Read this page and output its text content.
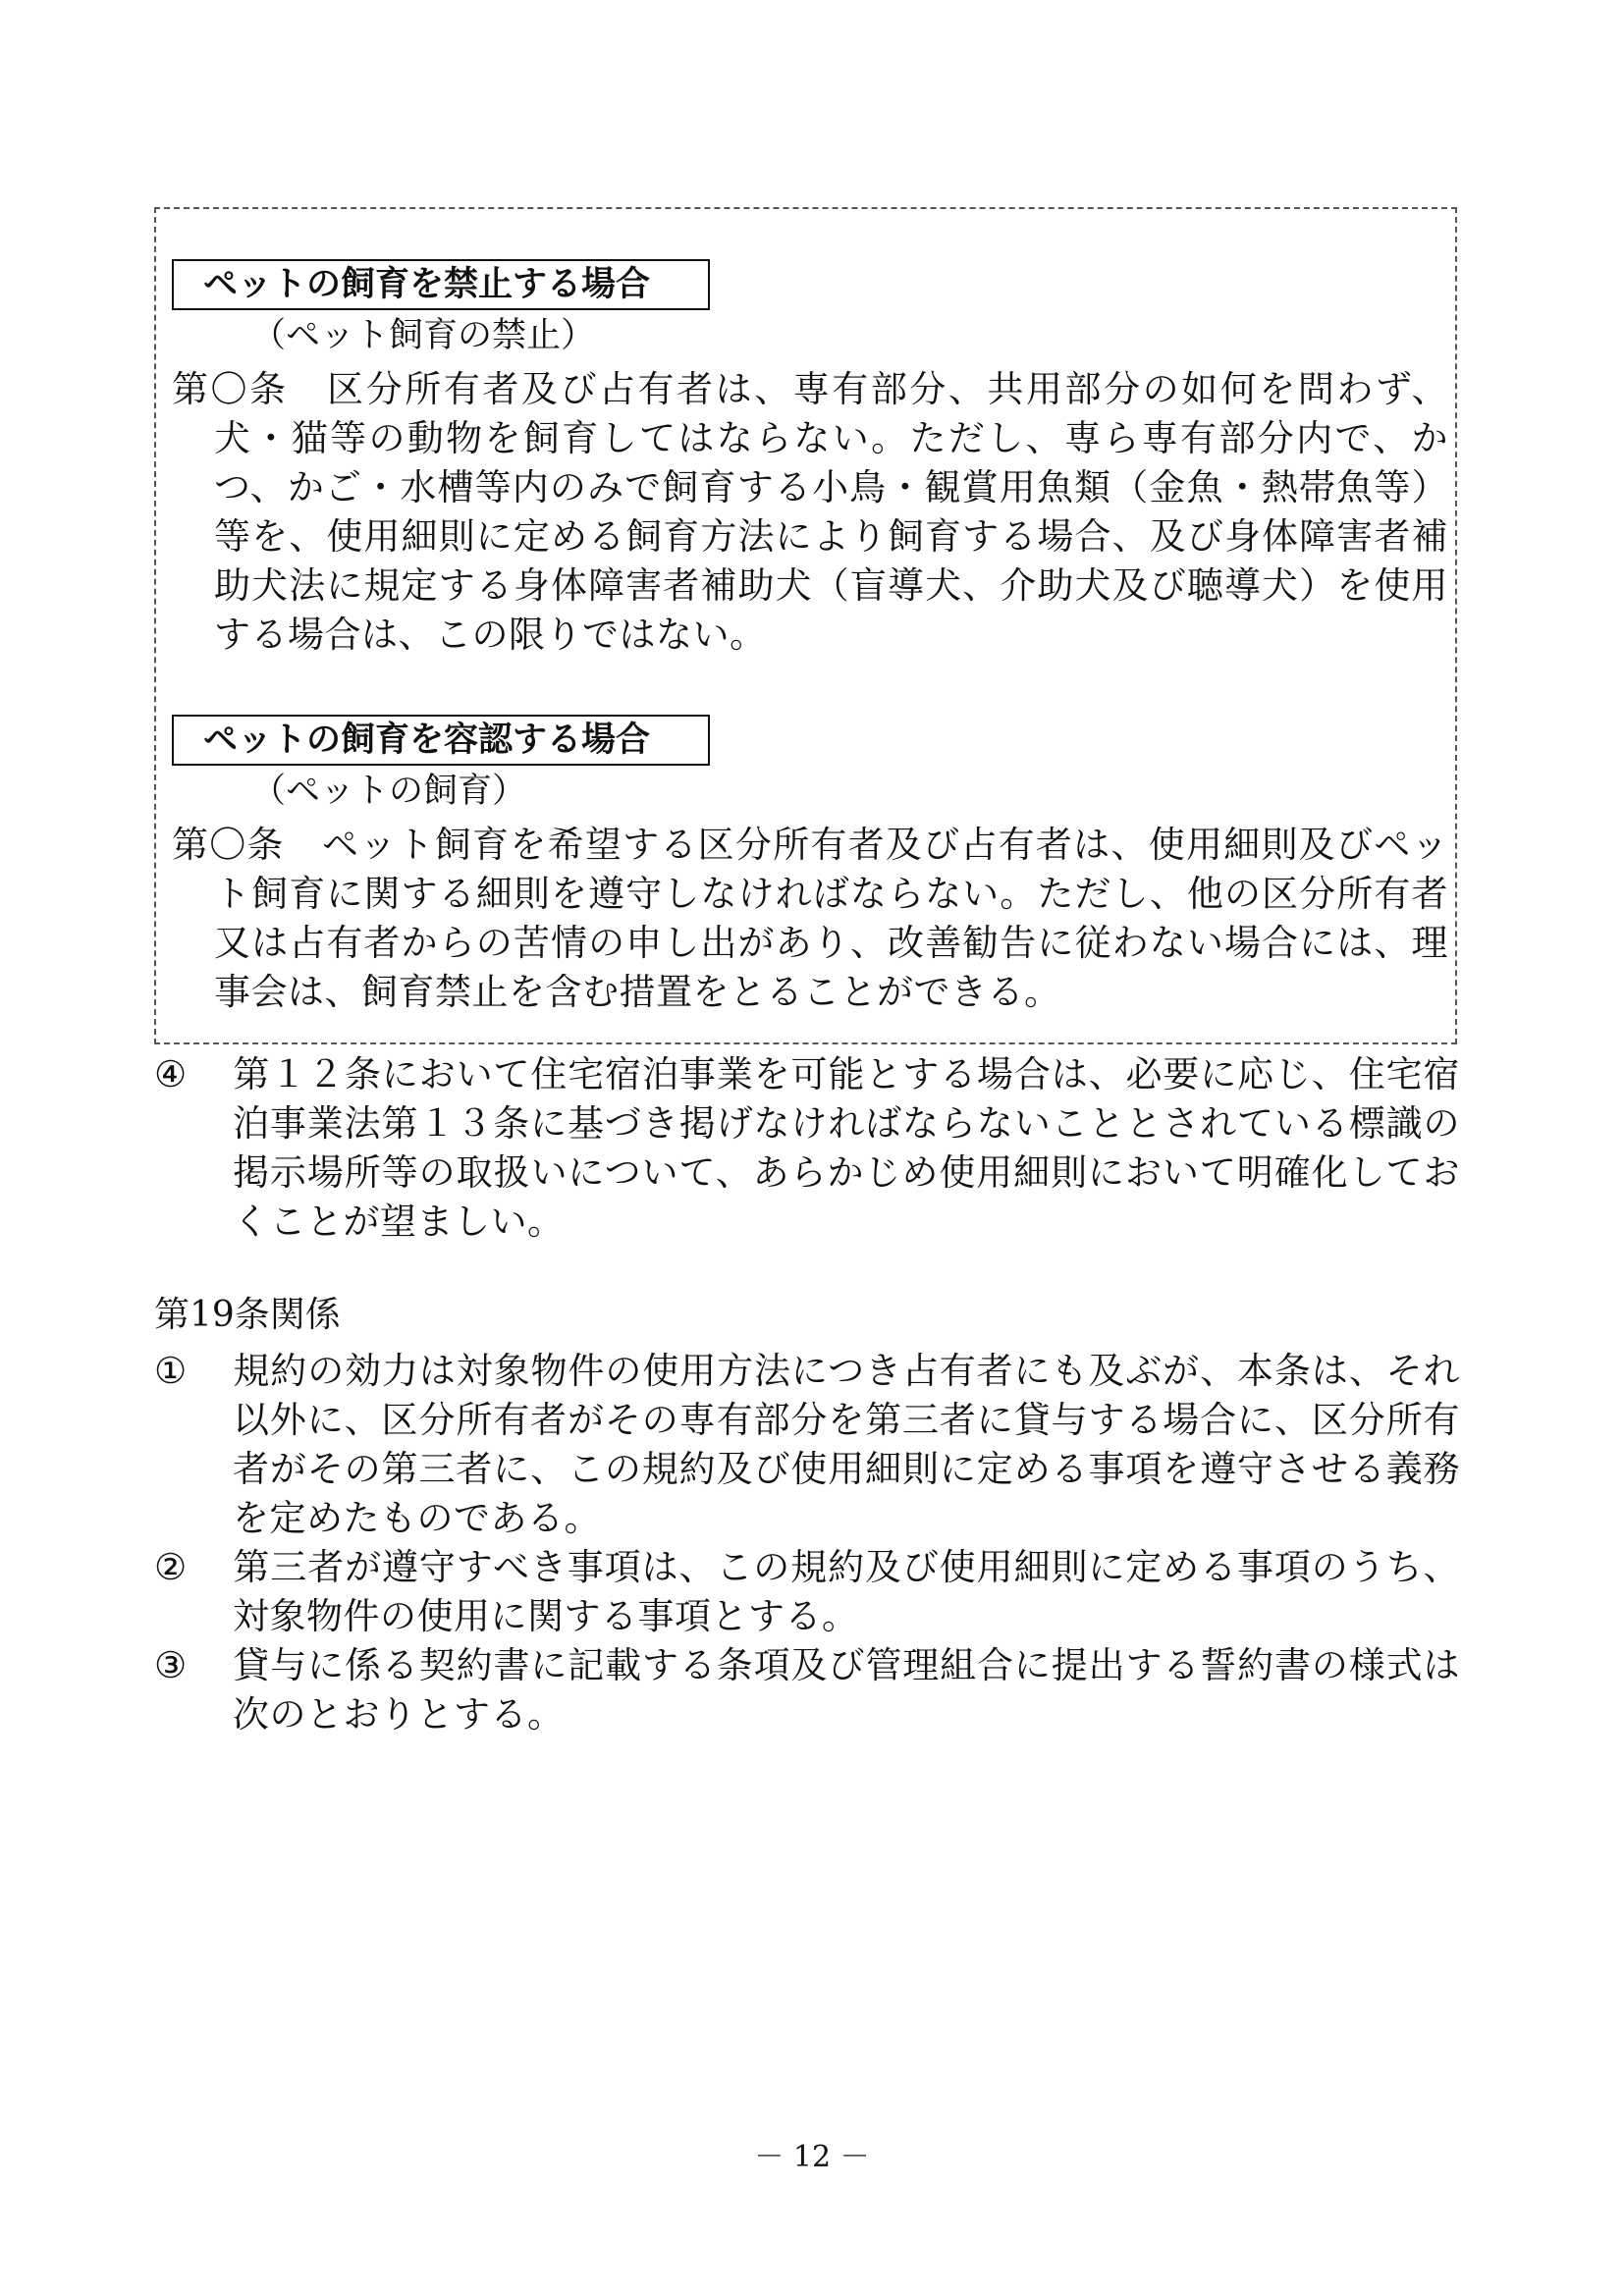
ペットの飼育を禁止する場合
（ペット飼育の禁止）
第〇条　区分所有者及び占有者は、専有部分、共用部分の如何を問わず、犬・猫等の動物を飼育してはならない。ただし、専ら専有部分内で、かつ、かご・水槽等内のみで飼育する小鳥・観賞用魚類（金魚・熱帯魚等）等を、使用細則に定める飼育方法により飼育する場合、及び身体障害者補助犬法に規定する身体障害者補助犬（盲導犬、介助犬及び聴導犬）を使用する場合は、この限りではない。
ペットの飼育を容認する場合
（ペットの飼育）
第〇条　ペット飼育を希望する区分所有者及び占有者は、使用細則及びペット飼育に関する細則を遵守しなければならない。ただし、他の区分所有者又は占有者からの苦情の申し出があり、改善勧告に従わない場合には、理事会は、飼育禁止を含む措置をとることができる。
④ 第１２条において住宅宿泊事業を可能とする場合は、必要に応じ、住宅宿泊事業法第１３条に基づき掲げなければならないこととされている標識の掲示場所等の取扱いについて、あらかじめ使用細則において明確化しておくことが望ましい。
第19条関係
① 規約の効力は対象物件の使用方法につき占有者にも及ぶが、本条は、それ以外に、区分所有者がその専有部分を第三者に貸与する場合に、区分所有者がその第三者に、この規約及び使用細則に定める事項を遵守させる義務を定めたものである。
② 第三者が遵守すべき事項は、この規約及び使用細則に定める事項のうち、対象物件の使用に関する事項とする。
③ 貸与に係る契約書に記載する条項及び管理組合に提出する誓約書の様式は次のとおりとする。
－ 12 －
